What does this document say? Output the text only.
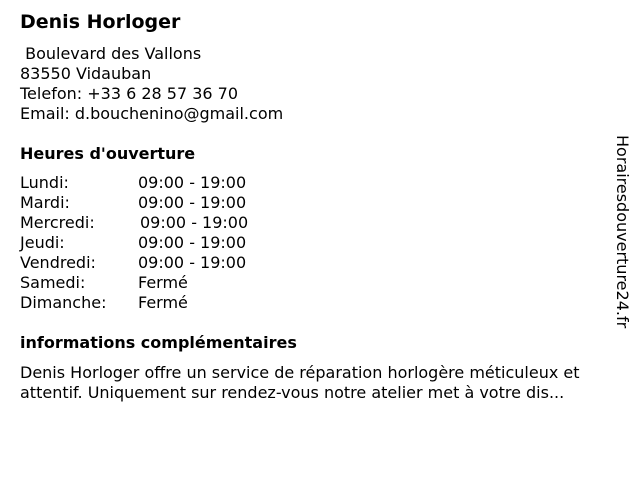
Denis Horloger
Boulevard des Vallons
83550 Vidauban
Telefon: +33 6 28 57 36 70
Email: d.bouchenino@gmail.com
Heures d'ouverture
Lundi:	09:00 - 19:00
Mardi:	09:00 - 19:00
Mercredi:	09:00 - 19:00
Jeudi:	09:00 - 19:00
Vendredi:	09:00 - 19:00
Samedi:	Fermé
Dimanche:	Fermé
informations complémentaires
Denis Horloger offre un service de réparation horlogère méticuleux et
attentif. Uniquement sur rendez-vous notre atelier met à votre dis...
Horairesdouverture24.fr
